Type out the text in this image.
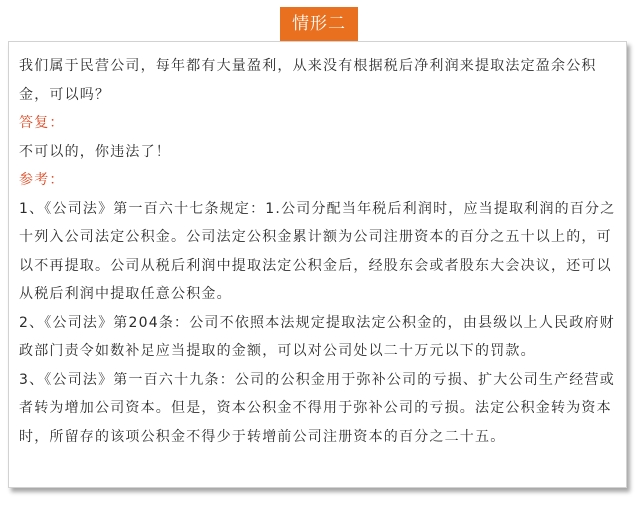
情形二

我们属于民营公司，每年都有大量盈利，从来没有根据税后净利润来提取法定盈余公积金，可以吗？

答复：

不可以的，你违法了！

参考：

1、《公司法》第一百六十七条规定：1.公司分配当年税后利润时，应当提取利润的百分之十列入公司法定公积金。公司法定公积金累计额为公司注册资本的百分之五十以上的，可以不再提取。公司从税后利润中提取法定公积金后，经股东会或者股东大会决议，还可以从税后利润中提取任意公积金。

2、《公司法》第204条：公司不依照本法规定提取法定公积金的，由县级以上人民政府财政部门责令如数补足应当提取的金额，可以对公司处以二十万元以下的罚款。

3、《公司法》第一百六十九条：公司的公积金用于弥补公司的亏损、扩大公司生产经营或者转为增加公司资本。但是，资本公积金不得用于弥补公司的亏损。法定公积金转为资本时，所留存的该项公积金不得少于转增前公司注册资本的百分之二十五。
